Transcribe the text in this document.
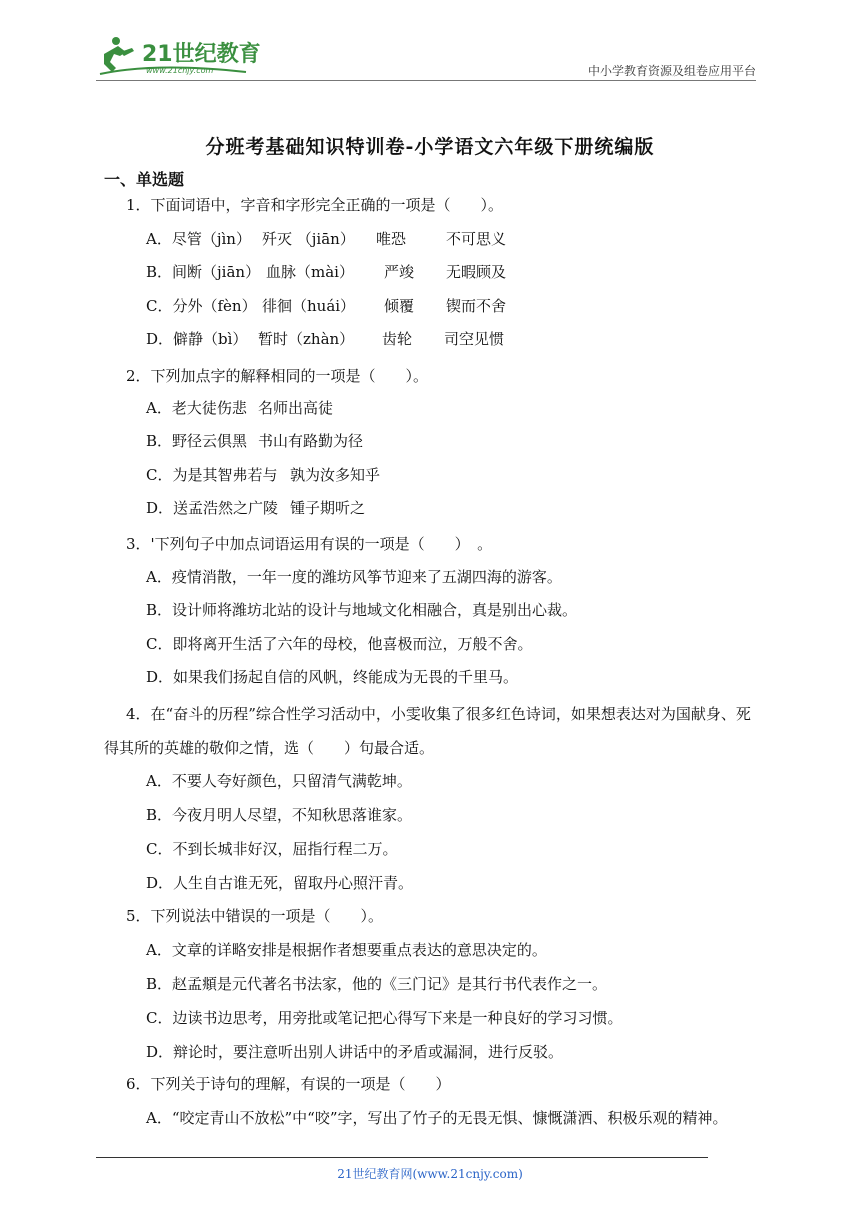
21世纪教育
www.21cnjy.com	中小学教育资源及组卷应用平台
分班考基础知识特训卷-小学语文六年级下册统编版
一、单选题
1．下面词语中，字音和字形完全正确的一项是（　　）。
A．尽管（jìn） 歼灭 （jiān） 唯恐	不可思义
B．间断（jiān） 血脉（mài） 严竣 无暇顾及
C．分外（fèn） 徘徊（huái） 倾覆 锲而不舍
D．僻静（bì） 暂时（zhàn） 齿轮 司空见惯
2．下列加点字的解释相同的一项是（　　）。
A．老大徒伤悲 名师出高徒
B．野径云俱黑 书山有路勤为径
C．为是其智弗若与 孰为汝多知乎
D．送孟浩然之广陵 锺子期听之
3．'下列句子中加点词语运用有误的一项是（　　）　。
A．疫情消散，一年一度的潍坊风筝节迎来了五湖四海的游客。
B．设计师将潍坊北站的设计与地域文化相融合，真是别出心裁。
C．即将离开生活了六年的母校，他喜极而泣，万般不舍。
D．如果我们扬起自信的风帆，终能成为无畏的千里马。
4．在“奋斗的历程”综合性学习活动中，小雯收集了很多红色诗词，如果想表达对为国献身、死
得其所的英雄的敬仰之情，选（　　）句最合适。
A．不要人夸好颜色，只留清气满乾坤。
B．今夜月明人尽望，不知秋思落谁家。
C．不到长城非好汉，屈指行程二万。
D．人生自古谁无死，留取丹心照汗青。
5．下列说法中错误的一项是（　　）。
A．文章的详略安排是根据作者想要重点表达的意思决定的。
B．赵孟頫是元代著名书法家，他的《三门记》是其行书代表作之一。
C．边读书边思考，用旁批或笔记把心得写下来是一种良好的学习习惯。
D．辩论时，要注意听出别人讲话中的矛盾或漏洞，进行反驳。
6．下列关于诗句的理解，有误的一项是（　　）
A．“咬定青山不放松”中“咬”字，写出了竹子的无畏无惧、慷慨潇洒、积极乐观的精神。
21世纪教育网(www.21cnjy.com)
